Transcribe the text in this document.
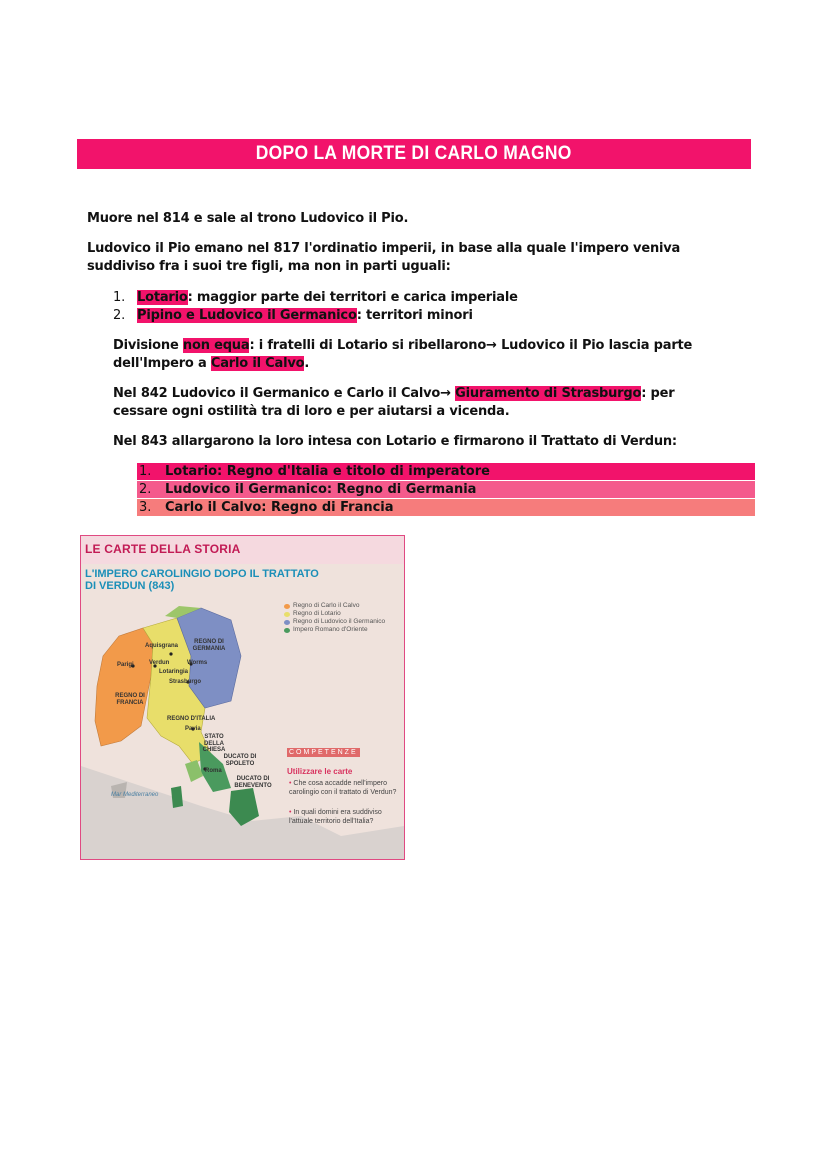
DOPO LA MORTE DI CARLO MAGNO
Muore nel 814 e sale al trono Ludovico il Pio.
Ludovico il Pio emano nel 817 l'ordinatio imperii, in base alla quale l'impero veniva
suddiviso fra i suoi tre figli, ma non in parti uguali:
1. Lotario: maggior parte dei territori e carica imperiale
2. Pipino e Ludovico il Germanico: territori minori
Divisione non equa: i fratelli di Lotario si ribellarono→ Ludovico il Pio lascia parte
dell'Impero a Carlo il Calvo.
Nel 842 Ludovico il Germanico e Carlo il Calvo→ Giuramento di Strasburgo: per
cessare ogni ostilità tra di loro e per aiutarsi a vicenda.
Nel 843 allargarono la loro intesa con Lotario e firmarono il Trattato di Verdun:
1. Lotario: Regno d'Italia e titolo di imperatore
2. Ludovico il Germanico: Regno di Germania
3. Carlo il Calvo: Regno di Francia
LE CARTE DELLA STORIA
L'IMPERO CAROLINGIO DOPO IL TRATTATO
DI VERDUN (843)
Aquisgrana
REGNO DI GERMANIA
Parigi	Verdun	Worms
Lotaringia
Strasburgo
REGNO DI FRANCIA
REGNO D'ITALIA
Pavia
STATO DELLA CHIESA
DUCATO DI SPOLETO
Roma
DUCATO DI BENEVENTO
Mar Mediterraneo
Regno di Carlo il Calvo
Regno di Lotario
Regno di Ludovico il Germanico
Impero Romano d'Oriente
COMPETENZE
Utilizzare le carte
• Che cosa accadde nell'impero carolingio con il trattato di Verdun?
• In quali domini era suddiviso l'attuale territorio dell'Italia?
